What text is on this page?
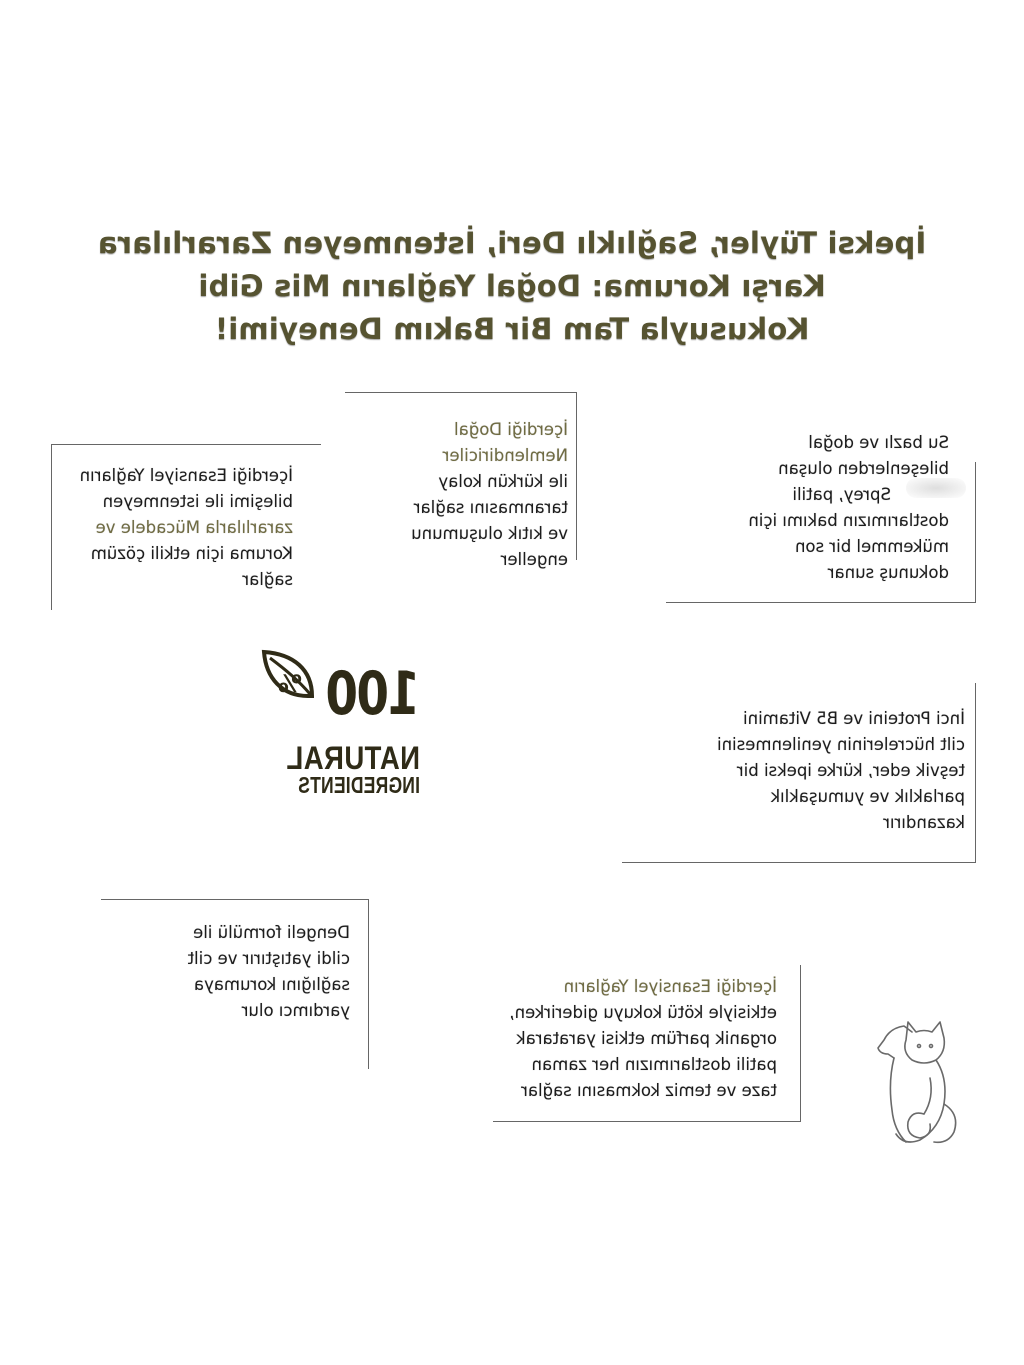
İpeksi Tüyler, Sağlıklı Deri, İstenmeyen Zararlılara
Karşı Koruma: Doğal Yağların Mis Gibi
Kokusuyla Tam Bir Bakım Deneyimi!
Su bazlı ve doğal
bileşenlerden oluşan
Sprey, patili
dostlarımızın bakımı için
mükemmel bir son
dokunuş sunar
İçerdiği Doğal
Nemlendiriciler
ile kürkün kolay
taranmasını sağlar
ve kıtık oluşumunu
engeller
İçerdiği Esansiyel Yağların
bileşimi ile istenmeyen
zararlılarla Mücadele ve
Koruma için etkili çözüm
sağlar
İnci Proteini ve B5 Vitamini
cilt hücrelerinin yenilenmesini
teşvik eder, kürke ipeksi bir
parlaklık ve yumuşaklık
kazandırır
Dengeli formülü ile
cildi yatıştırır ve cilt
sağlığını korumaya
yardımcı olur
İçerdiği Esansiyel Yağların
etkisiyle kötü kokuyu giderirken,
organik parfüm etkisi yaratarak
patili dostlarımızın her zaman
taze ve temiz kokmasını sağlar
100
%
NATURAL
INGREDIENTS
